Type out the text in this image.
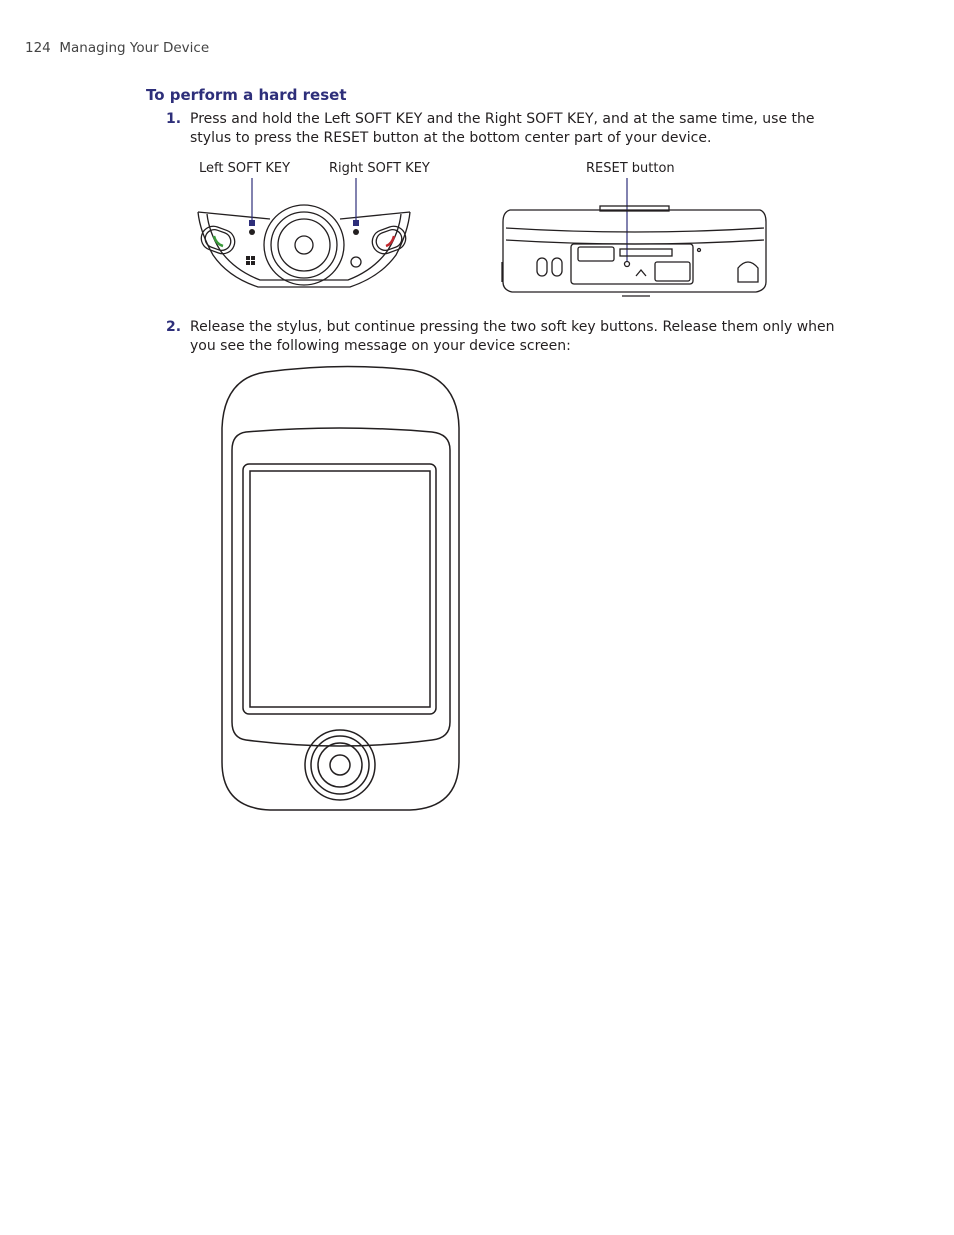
124 Managing Your Device
To perform a hard reset
1. Press and hold the Left SOFT KEY and the Right SOFT KEY, and at the same time, use the stylus to press the RESET button at the bottom center part of your device.
Left SOFT KEY	Right SOFT KEY	RESET button
2. Release the stylus, but continue pressing the two soft key buttons. Release them only when you see the following message on your device screen:
